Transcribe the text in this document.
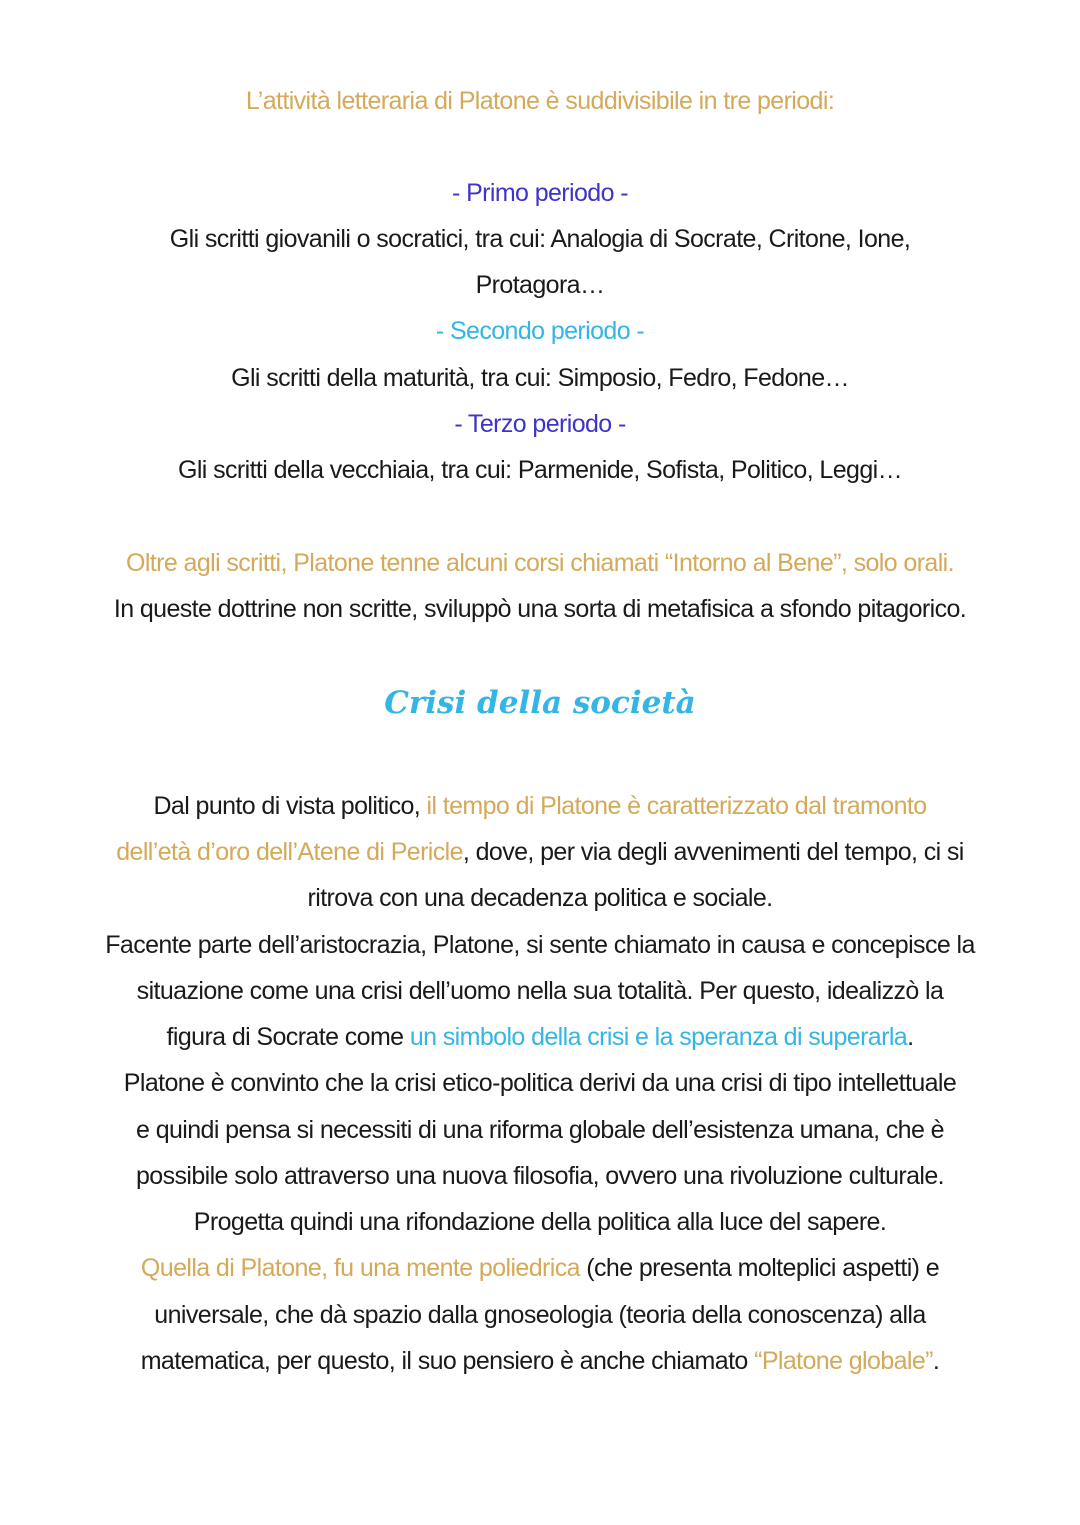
L’attività letteraria di Platone è suddivisibile in tre periodi:
- Primo periodo -
Gli scritti giovanili o socratici, tra cui: Analogia di Socrate, Critone, Ione,
Protagora…
- Secondo periodo -
Gli scritti della maturità, tra cui: Simposio, Fedro, Fedone…
- Terzo periodo -
Gli scritti della vecchiaia, tra cui: Parmenide, Sofista, Politico, Leggi…
Oltre agli scritti, Platone tenne alcuni corsi chiamati “Intorno al Bene”, solo orali.
In queste dottrine non scritte, sviluppò una sorta di metafisica a sfondo pitagorico.
Crisi della società
Dal punto di vista politico, il tempo di Platone è caratterizzato dal tramonto
dell’età d’oro dell’Atene di Pericle, dove, per via degli avvenimenti del tempo, ci si
ritrova con una decadenza politica e sociale.
Facente parte dell’aristocrazia, Platone, si sente chiamato in causa e concepisce la
situazione come una crisi dell’uomo nella sua totalità. Per questo, idealizzò la
figura di Socrate come un simbolo della crisi e la speranza di superarla.
Platone è convinto che la crisi etico-politica derivi da una crisi di tipo intellettuale
e quindi pensa si necessiti di una riforma globale dell’esistenza umana, che è
possibile solo attraverso una nuova filosofia, ovvero una rivoluzione culturale.
Progetta quindi una rifondazione della politica alla luce del sapere.
Quella di Platone, fu una mente poliedrica (che presenta molteplici aspetti) e
universale, che dà spazio dalla gnoseologia (teoria della conoscenza) alla
matematica, per questo, il suo pensiero è anche chiamato “Platone globale”.
